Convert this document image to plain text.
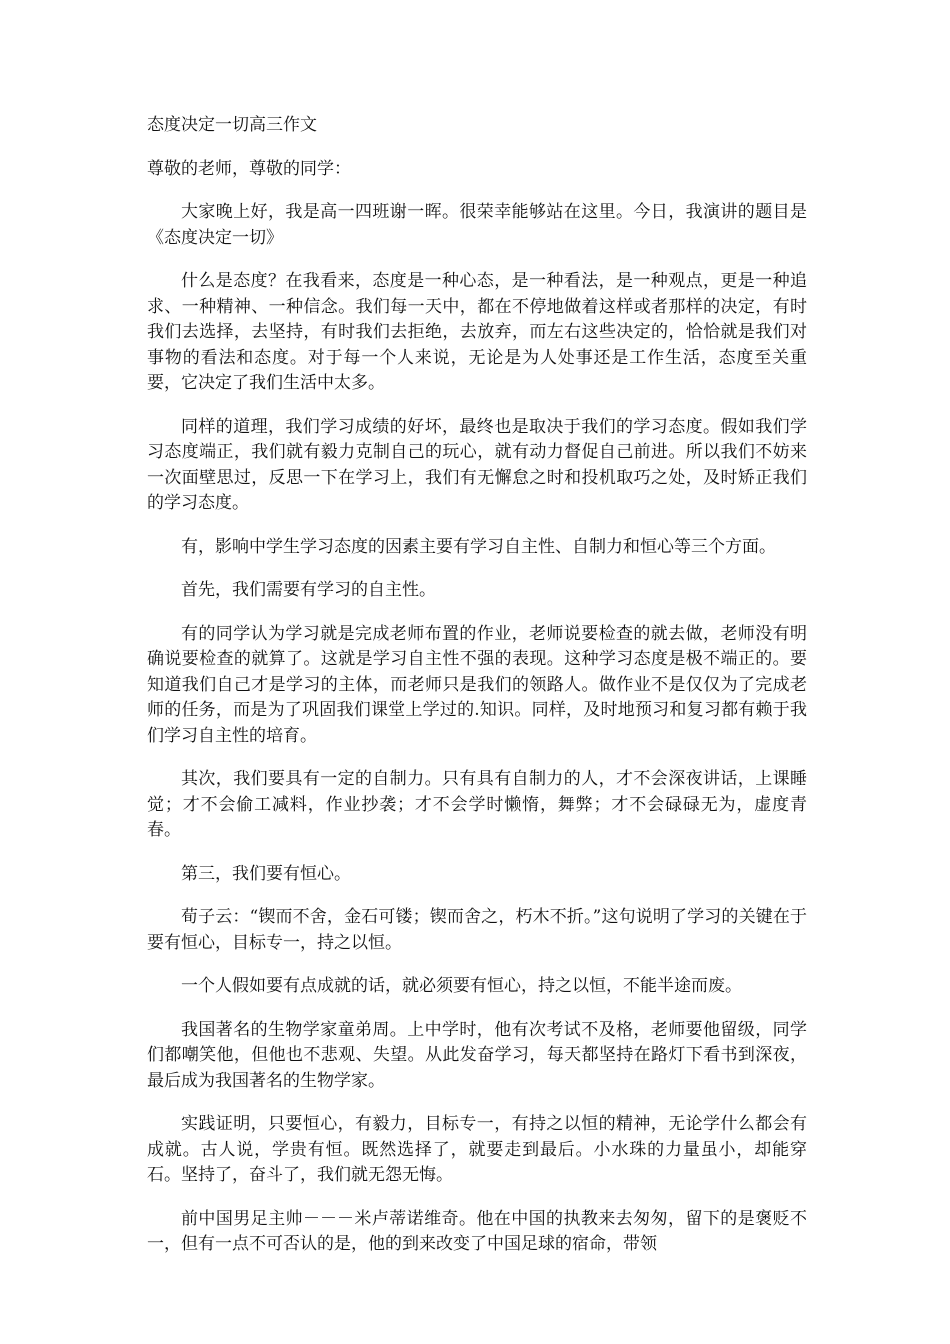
态度决定一切高三作文
尊敬的老师，尊敬的同学：

大家晚上好，我是高一四班谢一晖。很荣幸能够站在这里。今日，我演讲的题目是《态度决定一切》

什么是态度？在我看来，态度是一种心态，是一种看法，是一种观点，更是一种追求、一种精神、一种信念。我们每一天中，都在不停地做着这样或者那样的决定，有时我们去选择，去坚持，有时我们去拒绝，去放弃，而左右这些决定的，恰恰就是我们对事物的看法和态度。对于每一个人来说，无论是为人处事还是工作生活，态度至关重要，它决定了我们生活中太多。

同样的道理，我们学习成绩的好坏，最终也是取决于我们的学习态度。假如我们学习态度端正，我们就有毅力克制自己的玩心，就有动力督促自己前进。所以我们不妨来一次面壁思过，反思一下在学习上，我们有无懈怠之时和投机取巧之处，及时矫正我们的学习态度。

有，影响中学生学习态度的因素主要有学习自主性、自制力和恒心等三个方面。

首先，我们需要有学习的自主性。

有的同学认为学习就是完成老师布置的作业，老师说要检查的就去做，老师没有明确说要检查的就算了。这就是学习自主性不强的表现。这种学习态度是极不端正的。要知道我们自己才是学习的主体，而老师只是我们的领路人。做作业不是仅仅为了完成老师的任务，而是为了巩固我们课堂上学过的.知识。同样，及时地预习和复习都有赖于我们学习自主性的培育。

其次，我们要具有一定的自制力。只有具有自制力的人，才不会深夜讲话，上课睡觉；才不会偷工减料，作业抄袭；才不会学时懒惰，舞弊；才不会碌碌无为，虚度青春。

第三，我们要有恒心。

荀子云：“锲而不舍，金石可镂；锲而舍之，朽木不折。”这句说明了学习的关键在于要有恒心，目标专一，持之以恒。

一个人假如要有点成就的话，就必须要有恒心，持之以恒，不能半途而废。

我国著名的生物学家童弟周。上中学时，他有次考试不及格，老师要他留级，同学们都嘲笑他，但他也不悲观、失望。从此发奋学习，每天都坚持在路灯下看书到深夜，最后成为我国著名的生物学家。

实践证明，只要恒心，有毅力，目标专一，有持之以恒的精神，无论学什么都会有成就。古人说，学贵有恒。既然选择了，就要走到最后。小水珠的力量虽小，却能穿石。坚持了，奋斗了，我们就无怨无悔。

前中国男足主帅－－－米卢蒂诺维奇。他在中国的执教来去匆匆，留下的是褒贬不一，但有一点不可否认的是，他的到来改变了中国足球的宿命，带领
